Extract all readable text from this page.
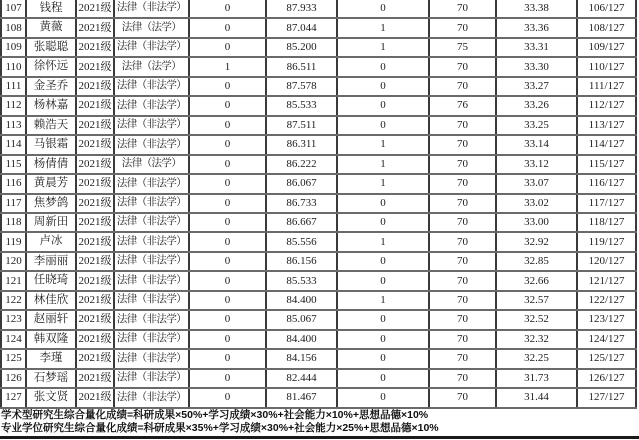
107	钱程	2021级	法律（非法学）	0	87.933	0	70	33.38	106/127
108	黄薇	2021级	法律（法学）	0	87.044	1	70	33.36	108/127
109	张聪聪	2021级	法律（非法学）	0	85.200	1	75	33.31	109/127
110	徐怀远	2021级	法律（法学）	1	86.511	0	70	33.30	110/127
111	金圣乔	2021级	法律（非法学）	0	87.578	0	70	33.27	111/127
112	杨林嘉	2021级	法律（非法学）	0	85.533	0	76	33.26	112/127
113	赖浩天	2021级	法律（非法学）	0	87.511	0	70	33.25	113/127
114	马银霜	2021级	法律（非法学）	0	86.311	1	70	33.14	114/127
115	杨倩倩	2021级	法律（法学）	0	86.222	1	70	33.12	115/127
116	黄晨芳	2021级	法律（非法学）	0	86.067	1	70	33.07	116/127
117	焦梦鸽	2021级	法律（非法学）	0	86.733	0	70	33.02	117/127
118	周新田	2021级	法律（非法学）	0	86.667	0	70	33.00	118/127
119	卢冰	2021级	法律（非法学）	0	85.556	1	70	32.92	119/127
120	李丽丽	2021级	法律（非法学）	0	86.156	0	70	32.85	120/127
121	任晓琦	2021级	法律（非法学）	0	85.533	0	70	32.66	121/127
122	林佳欣	2021级	法律（非法学）	0	84.400	1	70	32.57	122/127
123	赵丽轩	2021级	法律（非法学）	0	85.067	0	70	32.52	123/127
124	韩双隆	2021级	法律（非法学）	0	84.400	0	70	32.32	124/127
125	李瑾	2021级	法律（非法学）	0	84.156	0	70	32.25	125/127
126	石梦瑶	2021级	法律（非法学）	0	82.444	0	70	31.73	126/127
127	张文贤	2021级	法律（非法学）	0	81.467	0	70	31.44	127/127
学术型研究生综合量化成绩=科研成果×50%+学习成绩×30%+社会能力×10%+思想品德×10%
专业学位研究生综合量化成绩=科研成果×35%+学习成绩×30%+社会能力×25%+思想品德×10%
